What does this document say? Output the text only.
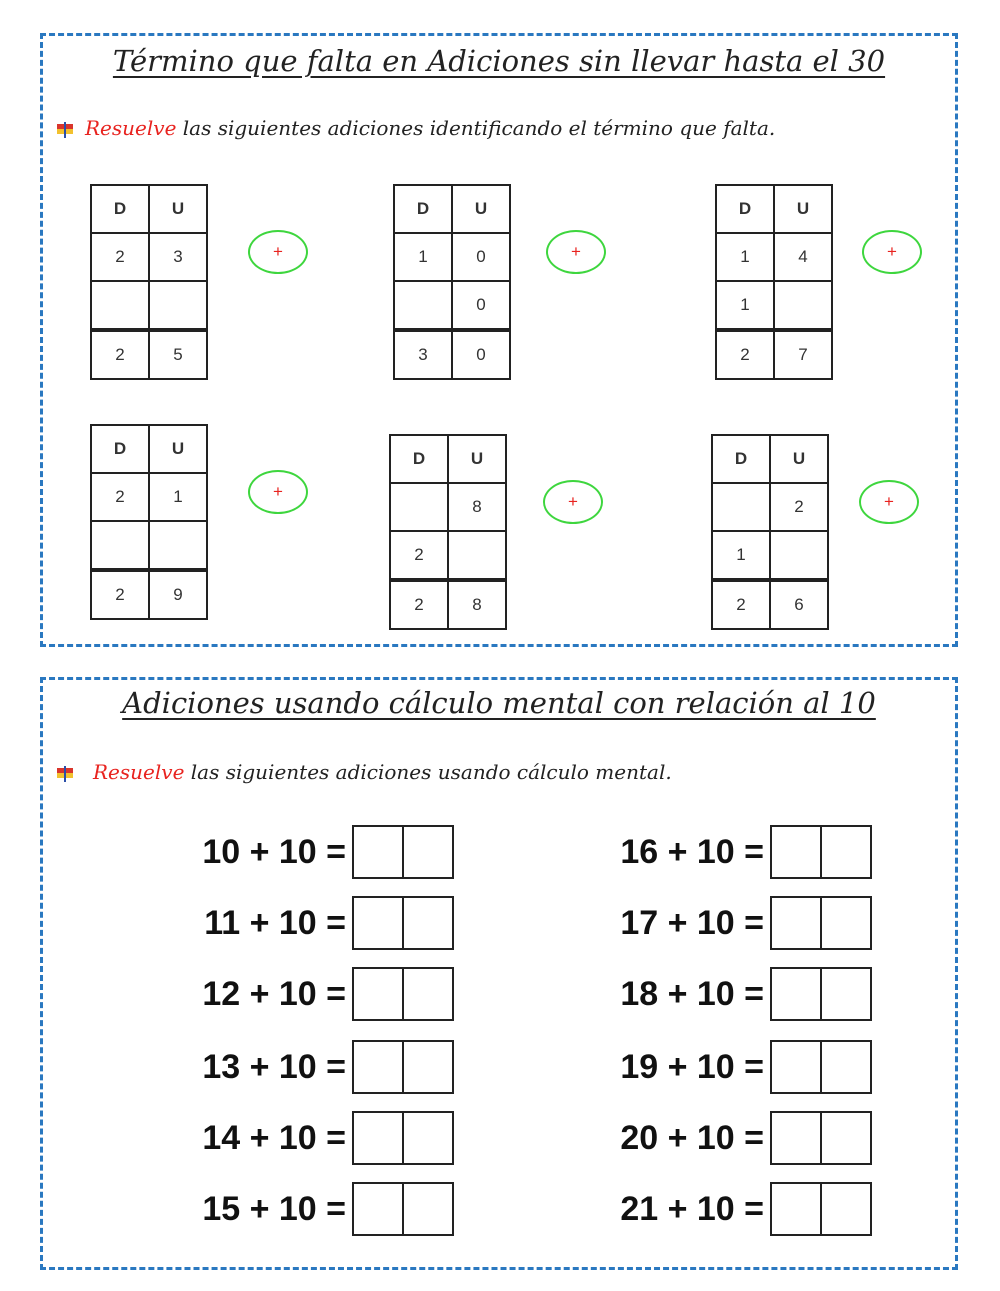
Término que falta en Adiciones sin llevar hasta el 30
Resuelve las siguientes adiciones identificando el término que falta.
D	U
2	3

2	5
+
D	U
1	0
	0
3	0
+
D	U
1	4
1	
2	7
+
D	U
2	1

2	9
+
D	U
	8
2	
2	8
+
D	U
	2
1	
2	6
+
Adiciones usando cálculo mental con relación al 10
Resuelve las siguientes adiciones usando cálculo mental.
10 + 10 =
11 + 10 =
12 + 10 =
13 + 10 =
14 + 10 =
15 + 10 =
16 + 10 =
17 + 10 =
18 + 10 =
19 + 10 =
20 + 10 =
21 + 10 =
